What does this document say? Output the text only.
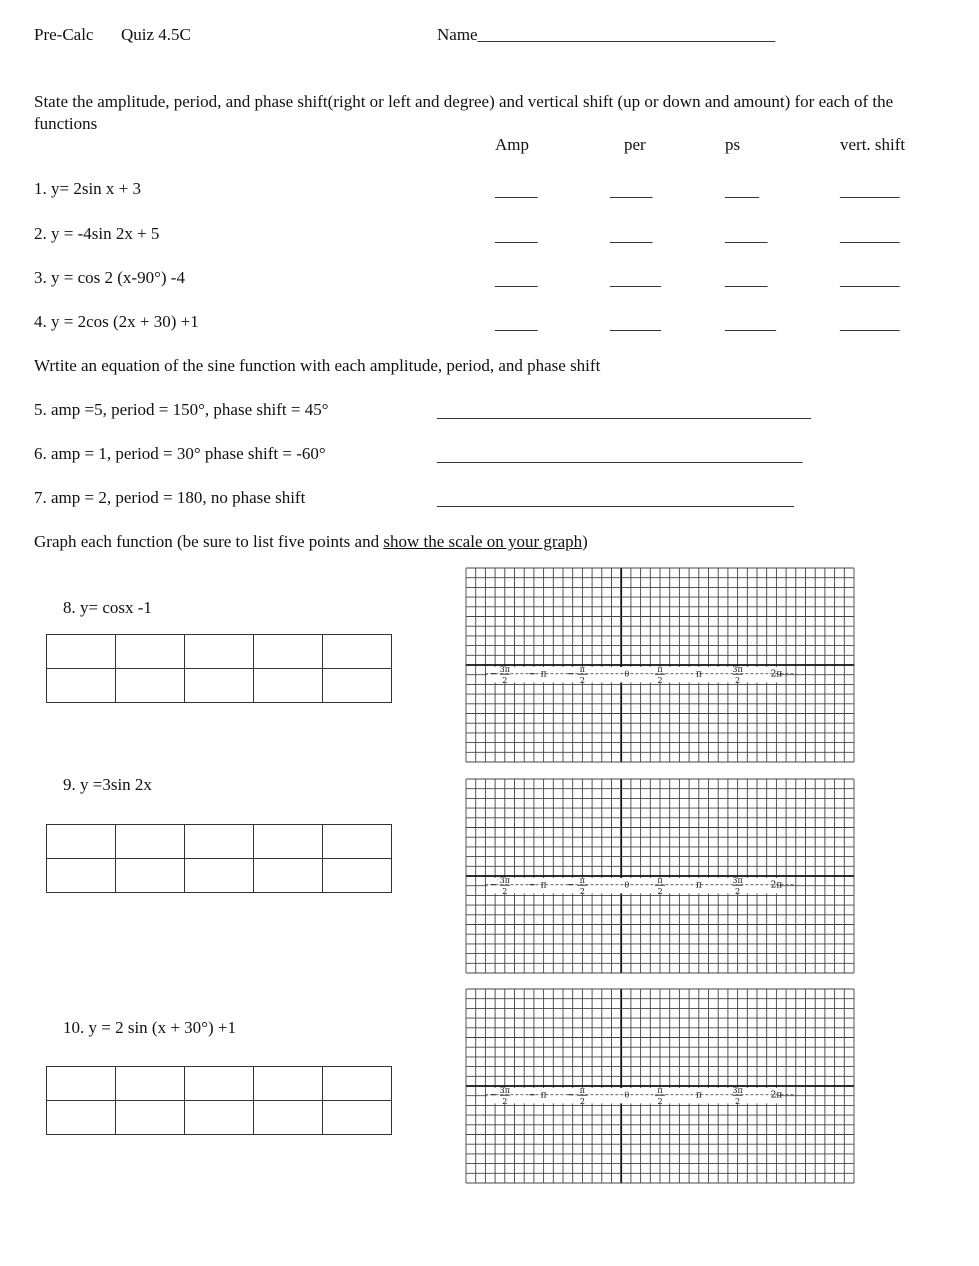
Pre-Calc Quiz 4.5C	Name___________________________________
State the amplitude, period, and phase shift(right or left and degree) and vertical shift (up or down and amount) for each of the functions
Amp	per	ps	vert. shift
1. y= 2sin x + 3	_____	_____	____	_______
2. y = -4sin 2x + 5	_____	_____	_____	_______
3. y = cos 2 (x-90°) -4	_____	______	_____	_______
4. y = 2cos (2x + 30) +1	_____	______	______	_______
Wrtite an equation of the sine function with each amplitude, period, and phase shift
5. amp =5, period = 150°, phase shift = 45°	____________________________________________
6. amp = 1, period = 30° phase shift = -60°	___________________________________________
7. amp = 2, period = 180, no phase shift	__________________________________________
Graph each function (be sure to list five points and show the scale on your graph)
8. y= cosx -1

3π
2
π
π
2
0
π
2
π
3π
2
2π
9. y =3sin 2x

3π
2
π
π
2
0
π
2
π
3π
2
2π
10. y = 2 sin (x + 30°) +1

3π
2
π
π
2
0
π
2
π
3π
2
2π
